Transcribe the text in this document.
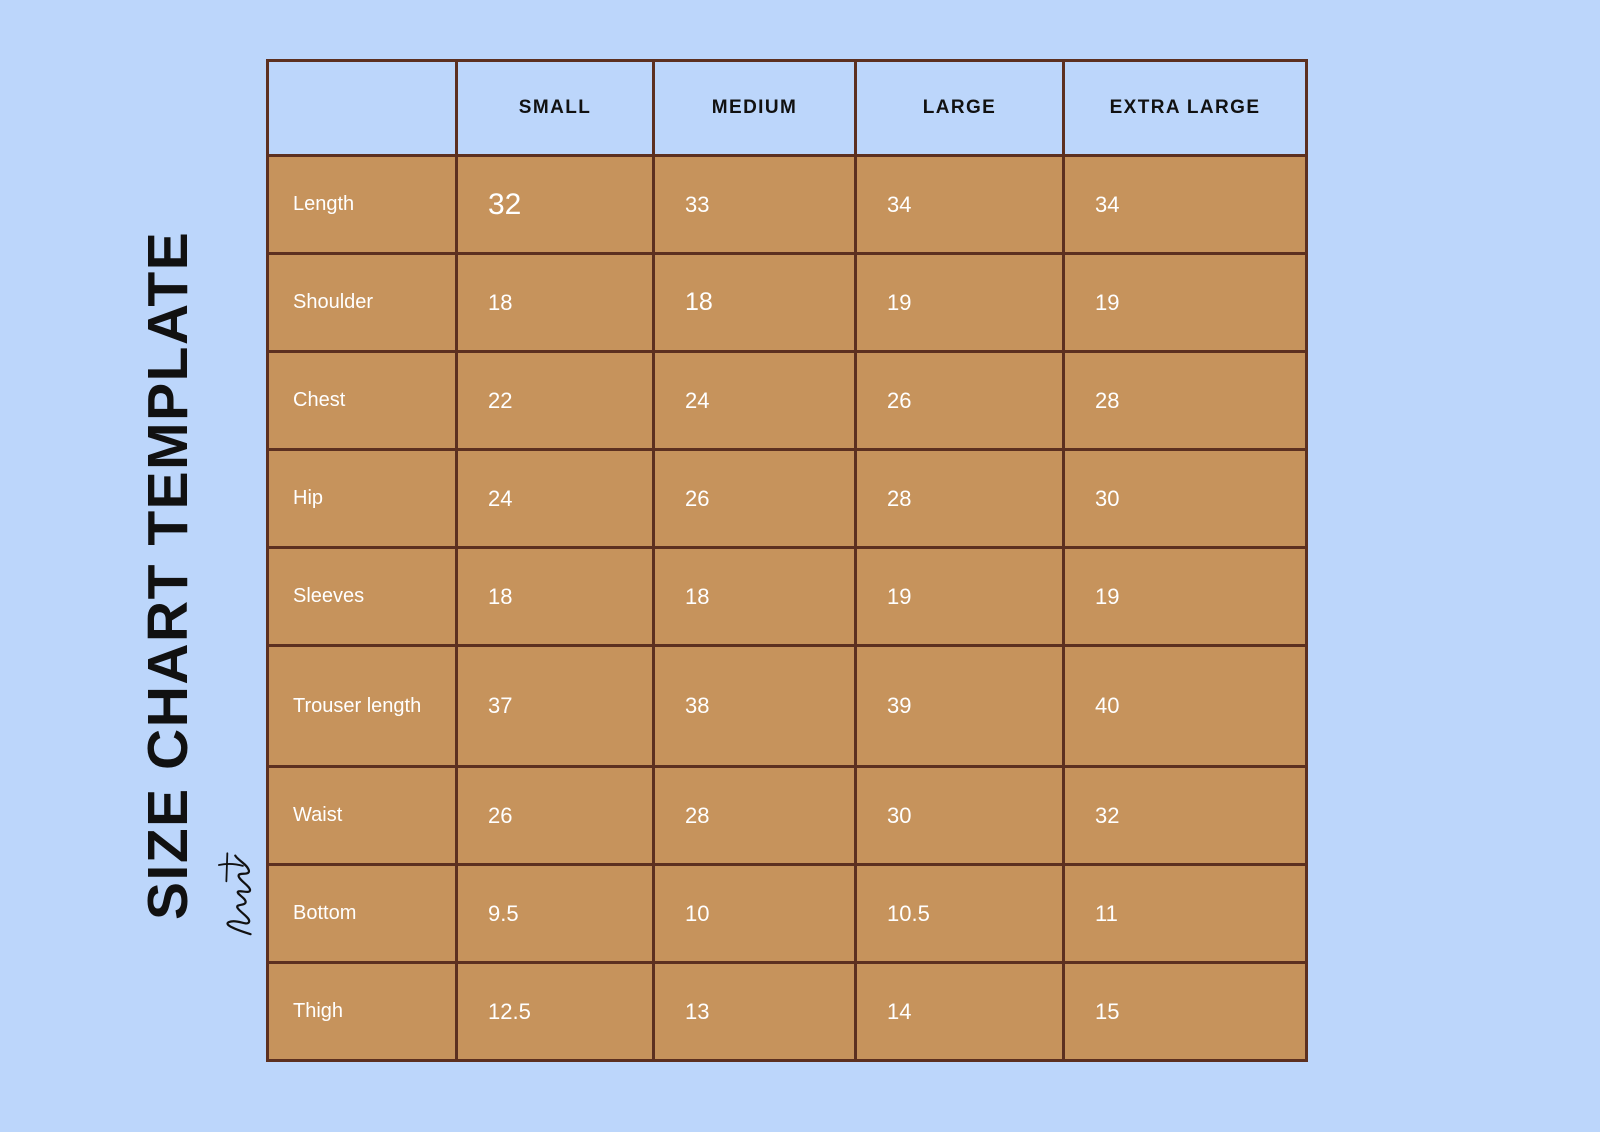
SIZE CHART TEMPLATE
	SMALL	MEDIUM	LARGE	EXTRA LARGE
Length	32	33	34	34
Shoulder	18	18	19	19
Chest	22	24	26	28
Hip	24	26	28	30
Sleeves	18	18	19	19
Trouser length	37	38	39	40
Waist	26	28	30	32
Bottom	9.5	10	10.5	11
Thigh	12.5	13	14	15
